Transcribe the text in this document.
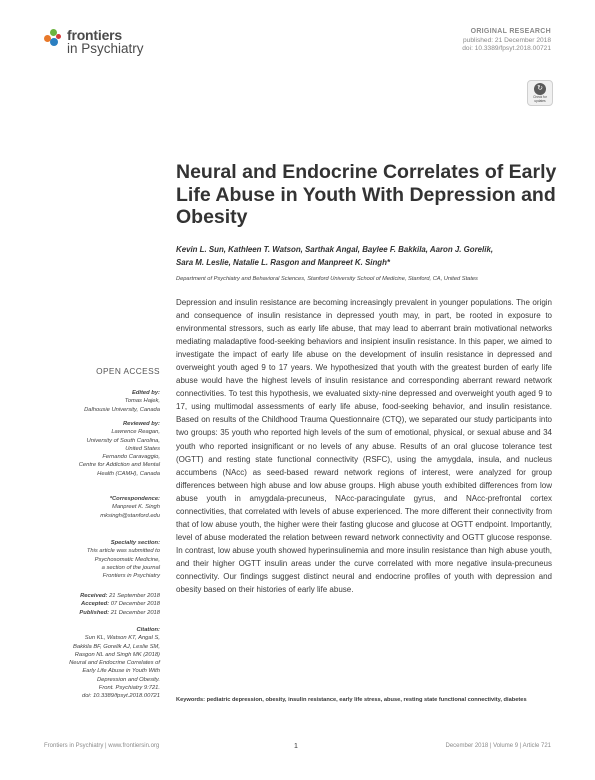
frontiers
in Psychiatry
ORIGINAL RESEARCH
published: 21 December 2018
doi: 10.3389/fpsyt.2018.00721
↻
Check for
updates
Neural and Endocrine Correlates of Early Life Abuse in Youth With Depression and Obesity
Kevin L. Sun, Kathleen T. Watson, Sarthak Angal, Baylee F. Bakkila, Aaron J. Gorelik,
Sara M. Leslie, Natalie L. Rasgon and Manpreet K. Singh*
Department of Psychiatry and Behavioral Sciences, Stanford University School of Medicine, Stanford, CA, United States
Depression and insulin resistance are becoming increasingly prevalent in younger populations. The origin and consequence of insulin resistance in depressed youth may, in part, be rooted in exposure to environmental stressors, such as early life abuse, that may lead to aberrant brain motivational networks mediating maladaptive food-seeking behaviors and insipient insulin resistance. In this paper, we aimed to investigate the impact of early life abuse on the development of insulin resistance in depressed and overweight youth aged 9 to 17 years. We hypothesized that youth with the greatest burden of early life abuse would have the highest levels of insulin resistance and corresponding aberrant reward network connectivities. To test this hypothesis, we evaluated sixty-nine depressed and overweight youth aged 9 to 17, using multimodal assessments of early life abuse, food-seeking behavior, and insulin resistance. Based on results of the Childhood Trauma Questionnaire (CTQ), we separated our study participants into two groups: 35 youth who reported high levels of the sum of emotional, physical, or sexual abuse and 34 youth who reported insignificant or no levels of any abuse. Results of an oral glucose tolerance test (OGTT) and resting state functional connectivity (RSFC), using the amygdala, insula, and nucleus accumbens (NAcc) as seed-based reward network regions of interest, were analyzed for group differences between high abuse and low abuse groups. High abuse youth exhibited differences from low abuse youth in amygdala-precuneus, NAcc-paracingulate gyrus, and NAcc-prefrontal cortex connectivities, that correlated with levels of abuse experienced. The more different their connectivity from that of low abuse youth, the higher were their fasting glucose and glucose at OGTT endpoint. Importantly, level of abuse moderated the relation between reward network connectivity and OGTT glucose response. In contrast, low abuse youth showed hyperinsulinemia and more insulin resistance than high abuse youth, and their higher OGTT insulin areas under the curve correlated with more negative insula-precuneus connectivity. Our findings suggest distinct neural and endocrine profiles of youth with depression and obesity based on their histories of early life abuse.
Keywords: pediatric depression, obesity, insulin resistance, early life stress, abuse, resting state functional connectivity, diabetes
OPEN ACCESS
Edited by:
Tomas Hajek,
Dalhousie University, Canada
Reviewed by:
Lawrence Reagan,
University of South Carolina,
United States
Fernando Caravaggio,
Centre for Addiction and Mental
Health (CAMH), Canada
*Correspondence:
Manpreet K. Singh
mksingh@stanford.edu
Specialty section:
This article was submitted to
Psychosomatic Medicine,
a section of the journal
Frontiers in Psychiatry
Received: 21 September 2018
Accepted: 07 December 2018
Published: 21 December 2018
Citation:
Sun KL, Watson KT, Angal S,
Bakkila BF, Gorelik AJ, Leslie SM,
Rasgon NL and Singh MK (2018)
Neural and Endocrine Correlates of
Early Life Abuse in Youth With
Depression and Obesity.
Front. Psychiatry 9:721.
doi: 10.3389/fpsyt.2018.00721
Frontiers in Psychiatry | www.frontiersin.org	1	December 2018 | Volume 9 | Article 721
